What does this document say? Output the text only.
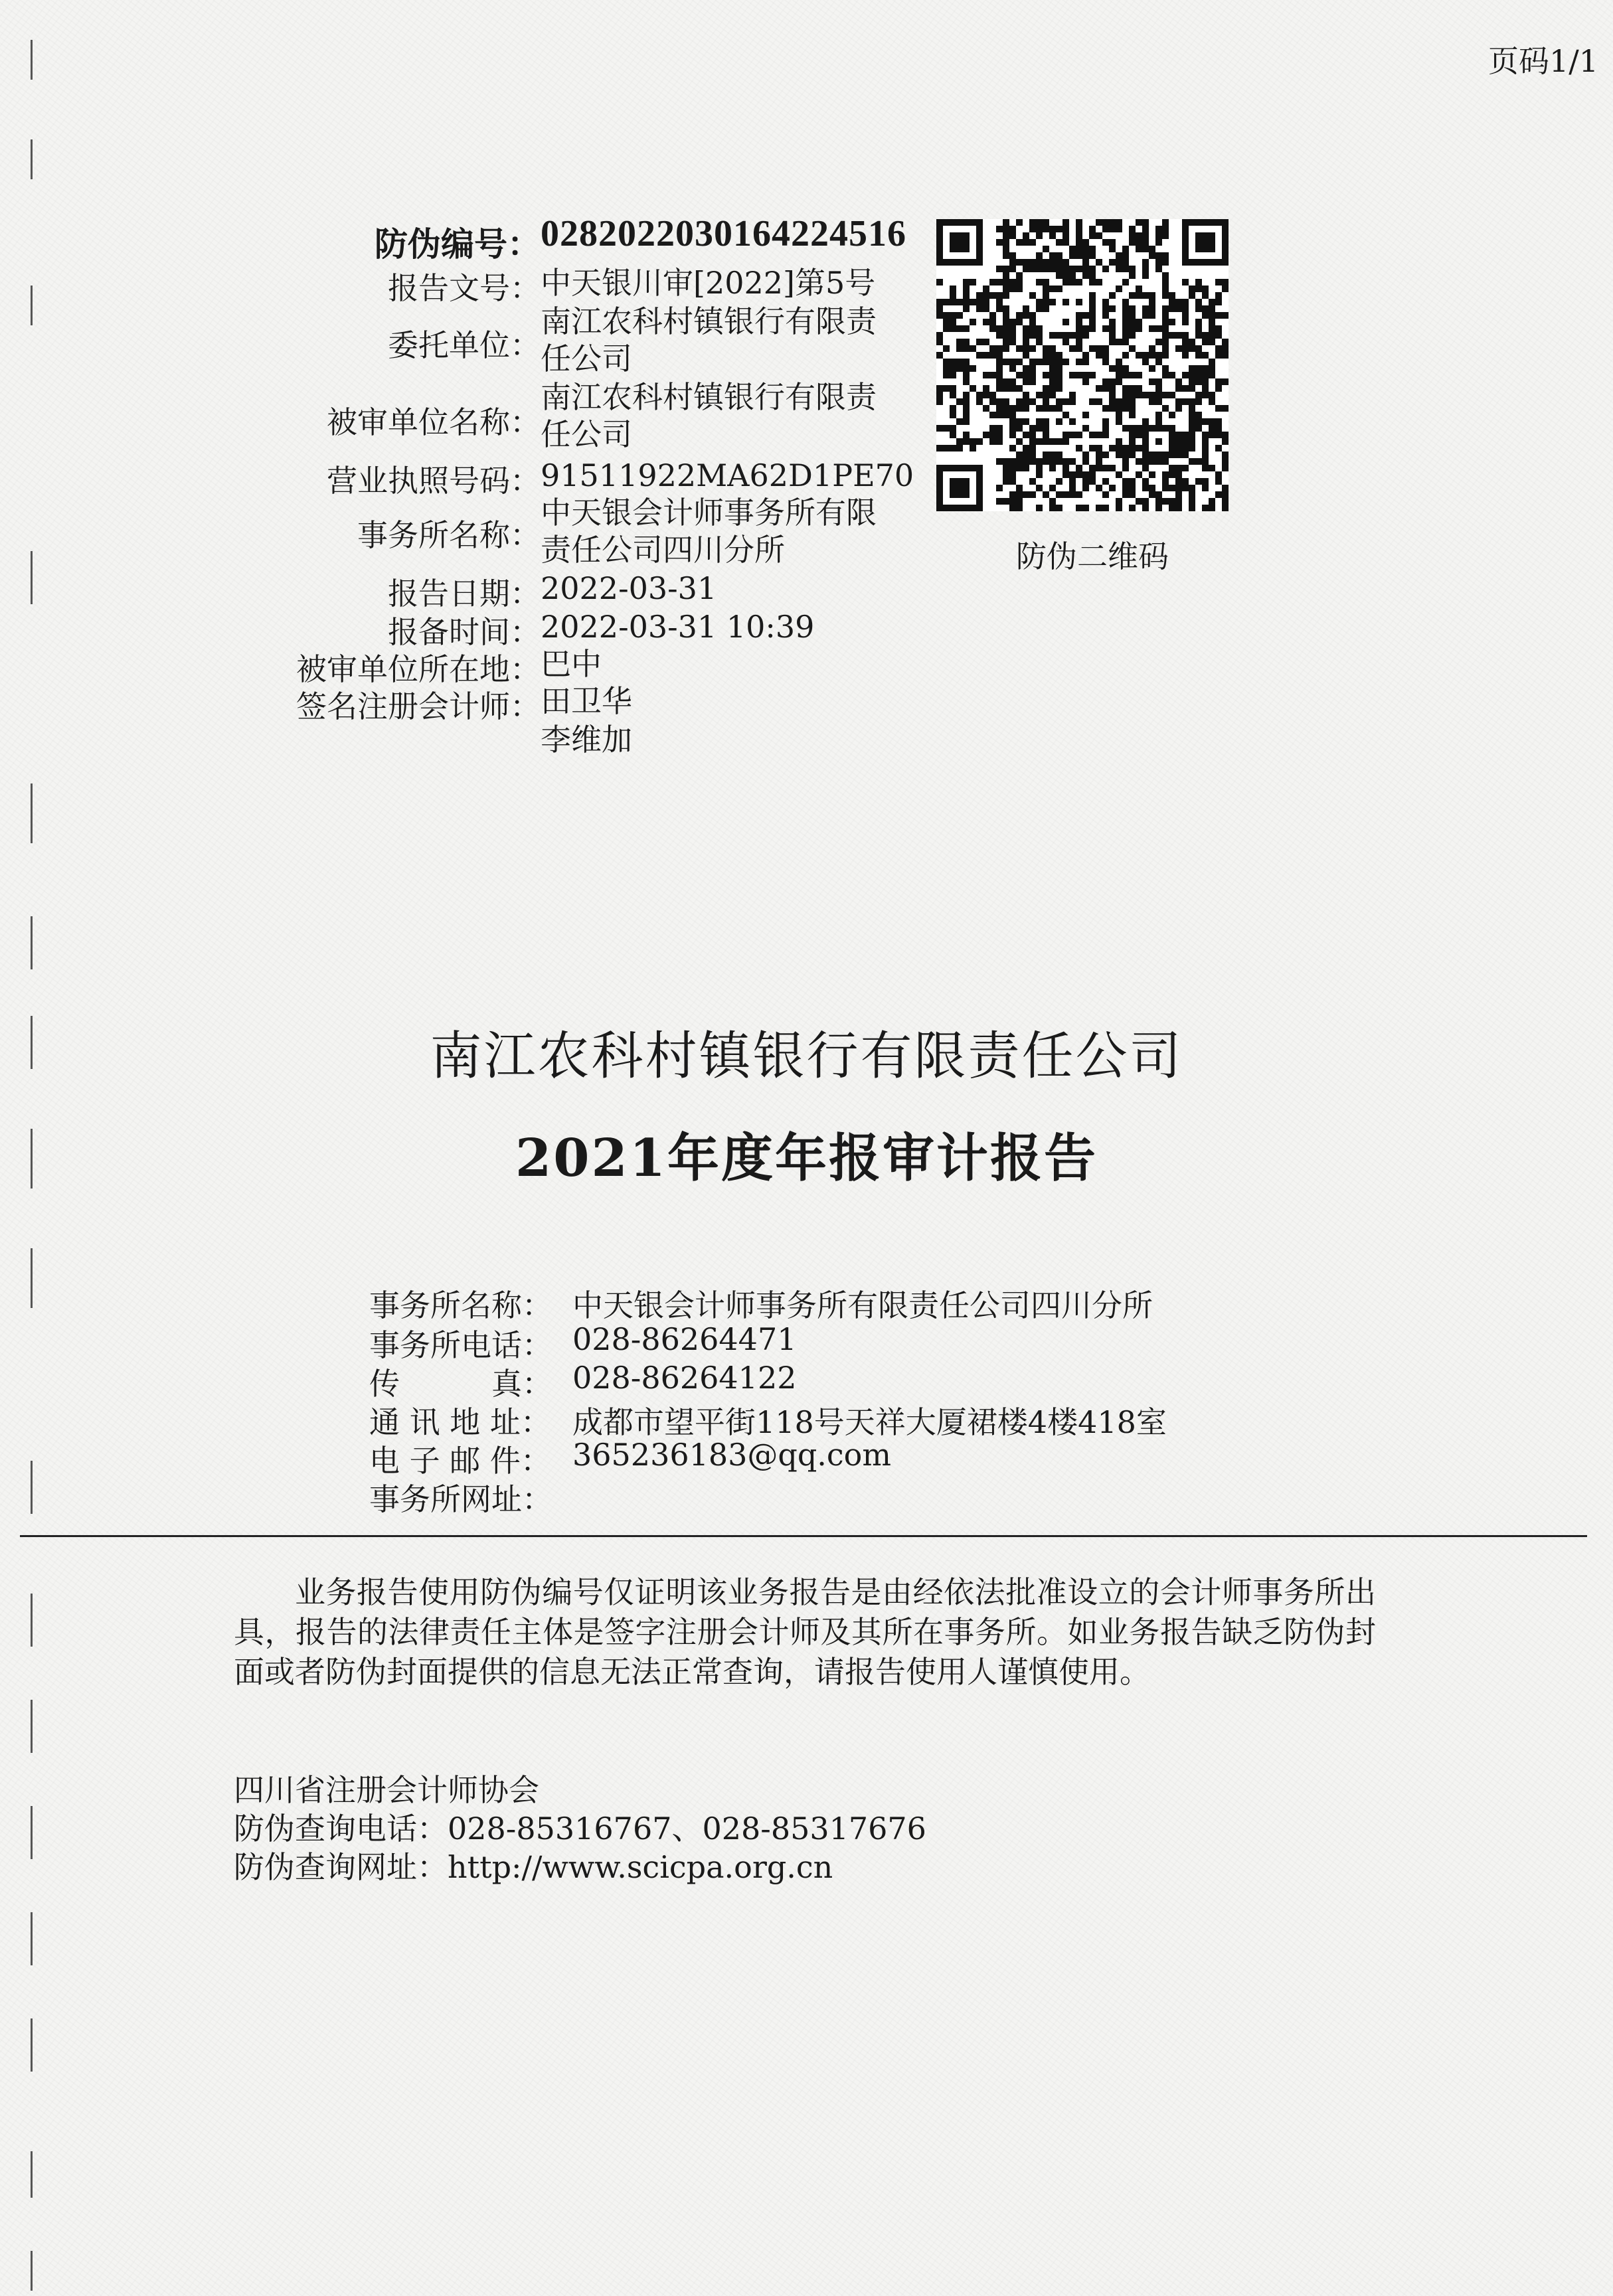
页码1/1
防伪编号： 0282022030164224516
报告文号： 中天银川审[2022]第5号
委托单位：
南江农科村镇银行有限责
任公司
被审单位名称：
南江农科村镇银行有限责
任公司
营业执照号码： 91511922MA62D1PE70
事务所名称：
中天银会计师事务所有限
责任公司四川分所
报告日期： 2022-03-31
报备时间： 2022-03-31 10:39
被审单位所在地： 巴中
签名注册会计师： 田卫华
李维加
防伪二维码
南江农科村镇银行有限责任公司
2021年度年报审计报告
事务所名称： 中天银会计师事务所有限责任公司四川分所
事务所电话： 028-86264471
传　　　真： 028-86264122
通 讯 地 址： 成都市望平街118号天祥大厦裙楼4楼418室
电 子 邮 件： 365236183@qq.com
事务所网址：
业务报告使用防伪编号仅证明该业务报告是由经依法批准设立的会计师事务所出具，报告的法律责任主体是签字注册会计师及其所在事务所。如业务报告缺乏防伪封面或者防伪封面提供的信息无法正常查询，请报告使用人谨慎使用。
四川省注册会计师协会
防伪查询电话：028-85316767、028-85317676
防伪查询网址：http://www.scicpa.org.cn
